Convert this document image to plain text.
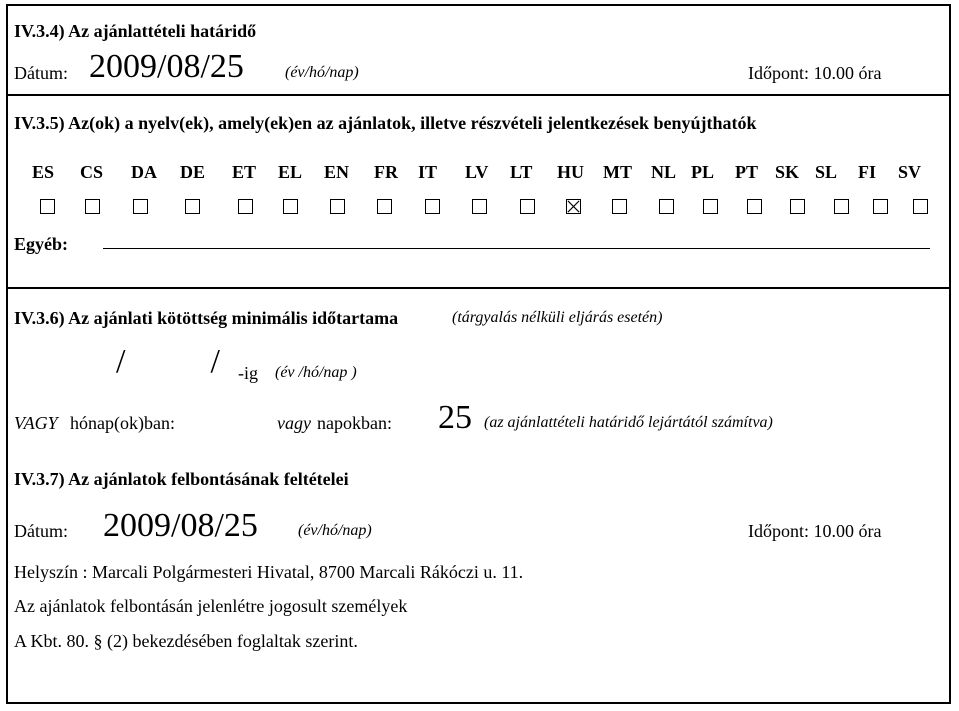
IV.3.4) Az ajánlattételi határidő
Dátum: 2009/08/25	(év/hó/nap)	Időpont: 10.00 óra
IV.3.5) Az(ok) a nyelv(ek), amely(ek)en az ajánlatok, illetve részvételi jelentkezések benyújthatók
ES CS DA DE ET EL EN FR IT LV LT HU MT NL PL PT SK SL FI SV
Egyéb:
IV.3.6) Az ajánlati kötöttség minimális időtartama	(tárgyalás nélküli eljárás esetén)
/          / -ig (év /hó/nap )
VAGY hónap(ok)ban:	vagy napokban: 25 (az ajánlattételi határidő lejártától számítva)
IV.3.7) Az ajánlatok felbontásának feltételei
Dátum: 2009/08/25	(év/hó/nap)	Időpont: 10.00 óra
Helyszín : Marcali Polgármesteri Hivatal, 8700 Marcali Rákóczi u. 11.
Az ajánlatok felbontásán jelenlétre jogosult személyek
A Kbt. 80. § (2) bekezdésében foglaltak szerint.
